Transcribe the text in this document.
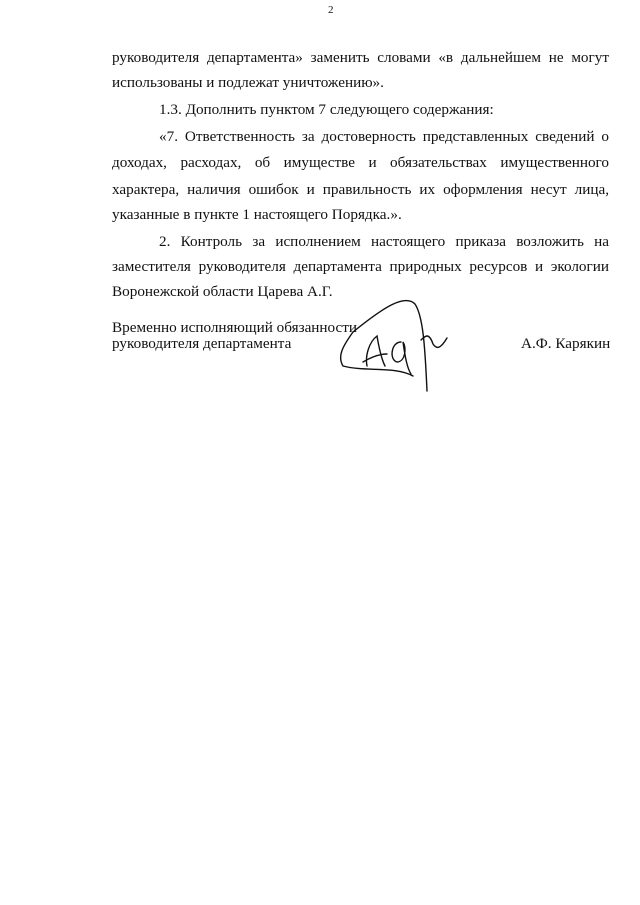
2
руководителя департамента» заменить словами «в дальнейшем не могут
использованы и подлежат уничтожению».
1.3. Дополнить пунктом 7 следующего содержания:
«7. Ответственность за достоверность представленных сведений о
доходах, расходах, об имуществе и обязательствах имущественного
характера, наличия ошибок и правильность их оформления несут лица,
указанные в пункте 1 настоящего Порядка.».
2. Контроль за исполнением настоящего приказа возложить на
заместителя руководителя департамента природных ресурсов и экологии
Воронежской области Царева А.Г.
Временно исполняющий обязанности
руководителя департамента	А.Ф. Карякин
